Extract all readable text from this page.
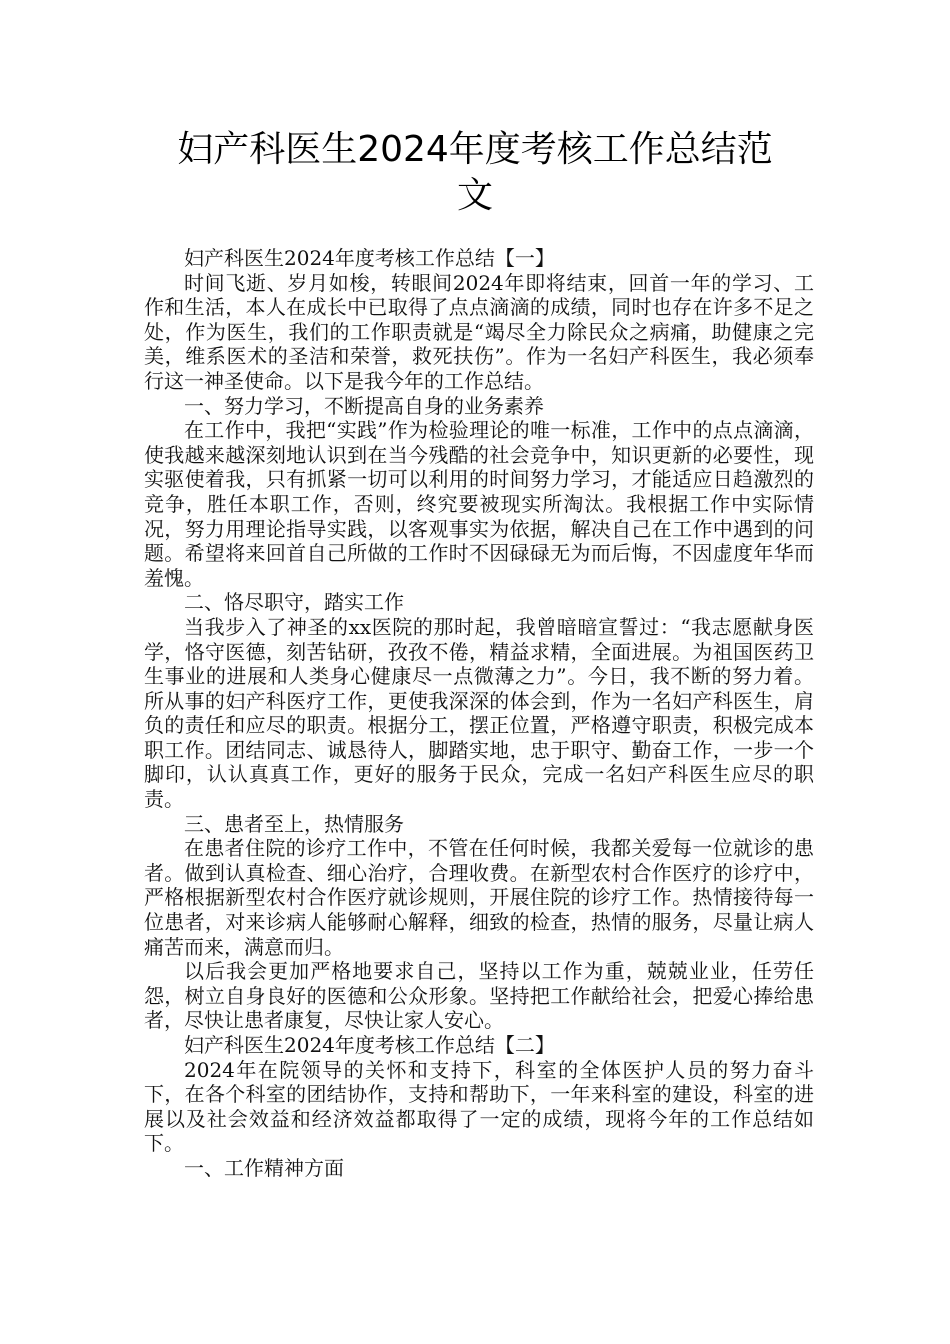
妇产科医生2024年度考核工作总结范
文

妇产科医生2024年度考核工作总结【一】

时间飞逝、岁月如梭，转眼间2024年即将结束，回首一年的学习、工作和生活，本人在成长中已取得了点点滴滴的成绩，同时也存在许多不足之处，作为医生，我们的工作职责就是“竭尽全力除民众之病痛，助健康之完美，维系医术的圣洁和荣誉，救死扶伤”。作为一名妇产科医生，我必须奉行这一神圣使命。以下是我今年的工作总结。

一、努力学习，不断提高自身的业务素养

在工作中，我把“实践”作为检验理论的唯一标准，工作中的点点滴滴，使我越来越深刻地认识到在当今残酷的社会竞争中，知识更新的必要性，现实驱使着我，只有抓紧一切可以利用的时间努力学习，才能适应日趋激烈的竞争，胜任本职工作，否则，终究要被现实所淘汰。我根据工作中实际情况，努力用理论指导实践，以客观事实为依据，解决自己在工作中遇到的问题。希望将来回首自己所做的工作时不因碌碌无为而后悔，不因虚度年华而羞愧。

二、恪尽职守，踏实工作

当我步入了神圣的xx医院的那时起，我曾暗暗宣誓过：“我志愿献身医学，恪守医德，刻苦钻研，孜孜不倦，精益求精，全面进展。为祖国医药卫生事业的进展和人类身心健康尽一点微薄之力”。今日，我不断的努力着。所从事的妇产科医疗工作，更使我深深的体会到，作为一名妇产科医生，肩负的责任和应尽的职责。根据分工，摆正位置，严格遵守职责，积极完成本职工作。团结同志、诚恳待人，脚踏实地，忠于职守、勤奋工作，一步一个脚印，认认真真工作，更好的服务于民众，完成一名妇产科医生应尽的职责。

三、患者至上，热情服务

在患者住院的诊疗工作中，不管在任何时候，我都关爱每一位就诊的患者。做到认真检查、细心治疗，合理收费。在新型农村合作医疗的诊疗中，严格根据新型农村合作医疗就诊规则，开展住院的诊疗工作。热情接待每一位患者，对来诊病人能够耐心解释，细致的检查，热情的服务，尽量让病人痛苦而来，满意而归。

以后我会更加严格地要求自己，坚持以工作为重，兢兢业业，任劳任怨，树立自身良好的医德和公众形象。坚持把工作献给社会，把爱心捧给患者，尽快让患者康复，尽快让家人安心。

妇产科医生2024年度考核工作总结【二】

2024年在院领导的关怀和支持下，科室的全体医护人员的努力奋斗下，在各个科室的团结协作，支持和帮助下，一年来科室的建设，科室的进展以及社会效益和经济效益都取得了一定的成绩，现将今年的工作总结如下。

一、工作精神方面
